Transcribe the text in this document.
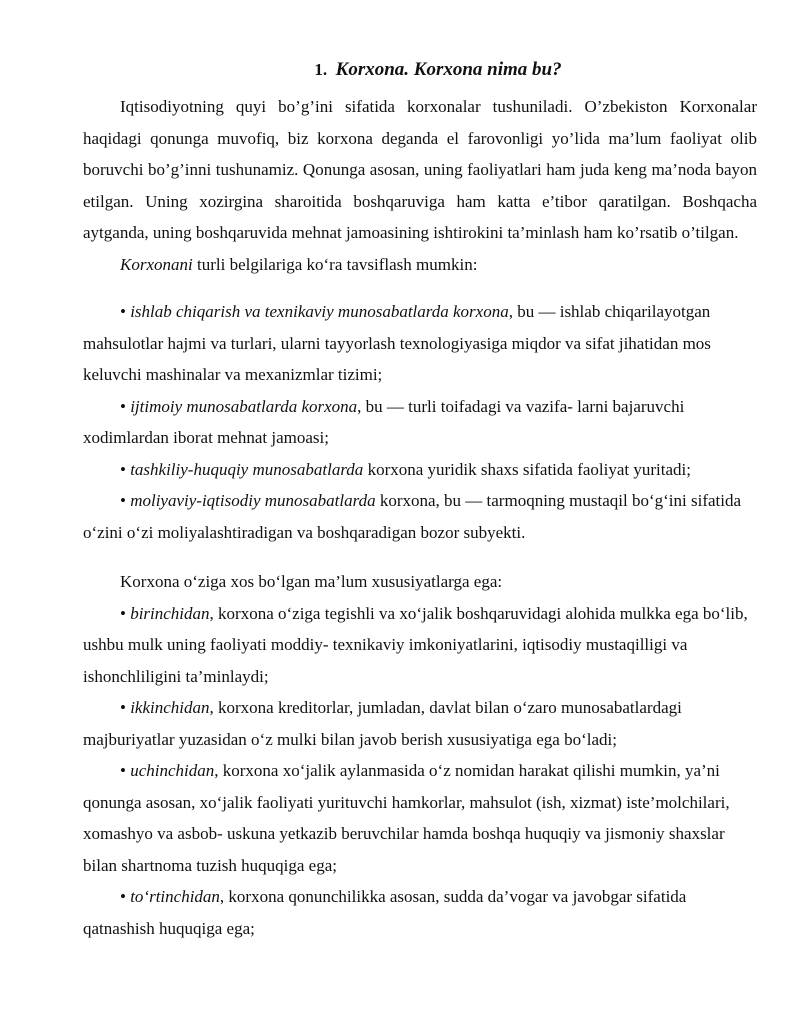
1. Korxona. Korxona nima bu?

Iqtisodiyotning quyi bo’g’ini sifatida korxonalar tushuniladi. O’zbekiston Korxonalar haqidagi qonunga muvofiq, biz korxona deganda el farovonligi yo’lida ma’lum faoliyat olib boruvchi bo’g’inni tushunamiz. Qonunga asosan, uning faoliyatlari ham juda keng ma’noda bayon etilgan. Uning xozirgina sharoitida boshqaruviga ham katta e’tibor qaratilgan. Boshqacha aytganda, uning boshqaruvida mehnat jamoasining ishtirokini ta’minlash ham ko’rsatib o’tilgan.

Korxonani turli belgilariga ko‘ra tavsiflash mumkin:

• ishlab chiqarish va texnikaviy munosabatlarda korxona, bu — ishlab chiqarilayotgan mahsulotlar hajmi va turlari, ularni tayyorlash texnologiyasiga miqdor va sifat jihatidan mos keluvchi mashinalar va mexanizmlar tizimi;

• ijtimoiy munosabatlarda korxona, bu — turli toifadagi va vazifa- larni bajaruvchi xodimlardan iborat mehnat jamoasi;

• tashkiliy-huquqiy munosabatlarda korxona yuridik shaxs sifatida faoliyat yuritadi;

• moliyaviy-iqtisodiy munosabatlarda korxona, bu — tarmoqning mustaqil bo‘g‘ini sifatida o‘zini o‘zi moliyalashtiradigan va boshqaradigan bozor subyekti.

Korxona o‘ziga xos bo‘lgan ma’lum xususiyatlarga ega:

• birinchidan, korxona o‘ziga tegishli va xo‘jalik boshqaruvidagi alohida mulkka ega bo‘lib, ushbu mulk uning faoliyati moddiy- texnikaviy imkoniyatlarini, iqtisodiy mustaqilligi va ishonchliligini ta’minlaydi;

• ikkinchidan, korxona kreditorlar, jumladan, davlat bilan o‘zaro munosabatlardagi majburiyatlar yuzasidan o‘z mulki bilan javob berish xususiyatiga ega bo‘ladi;

• uchinchidan, korxona xo‘jalik aylanmasida o‘z nomidan harakat qilishi mumkin, ya’ni qonunga asosan, xo‘jalik faoliyati yurituvchi hamkorlar, mahsulot (ish, xizmat) iste’molchilari, xomashyo va asbob- uskuna yetkazib beruvchilar hamda boshqa huquqiy va jismoniy shaxslar bilan shartnoma tuzish huquqiga ega;

• to‘rtinchidan, korxona qonunchilikka asosan, sudda da’vogar va javobgar sifatida qatnashish huquqiga ega;
